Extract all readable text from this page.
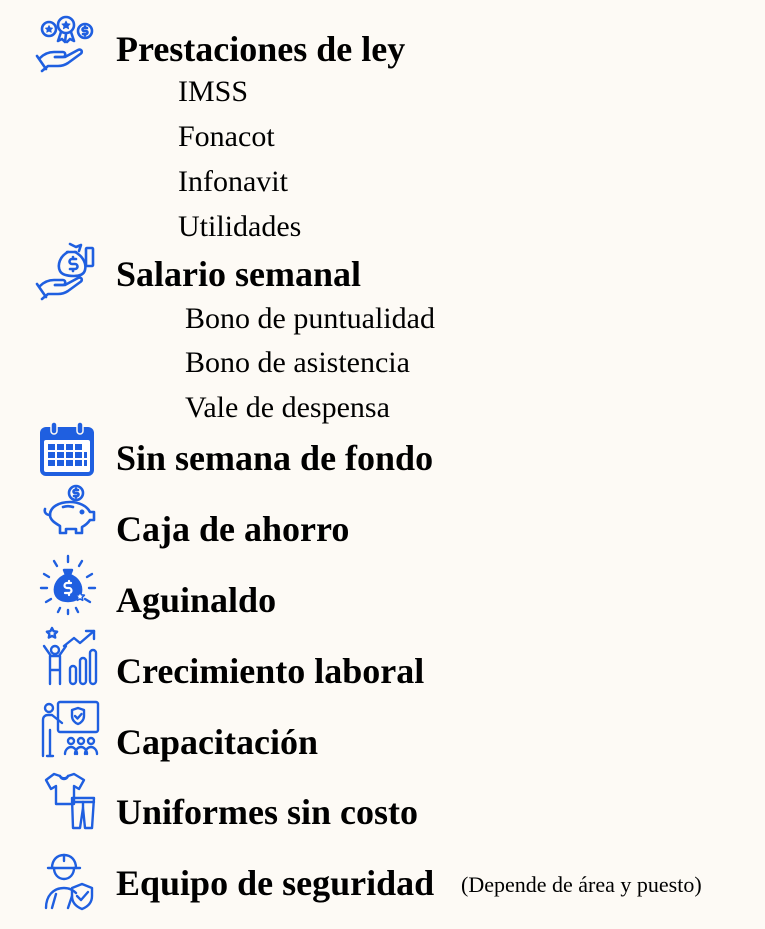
Prestaciones de ley
IMSS
Fonacot
Infonavit
Utilidades
Salario semanal
Bono de puntualidad
Bono de asistencia
Vale de despensa
Sin semana de fondo
Caja de ahorro
Aguinaldo
Crecimiento laboral
Capacitación
Uniformes sin costo
Equipo de seguridad (Depende de área y puesto)
